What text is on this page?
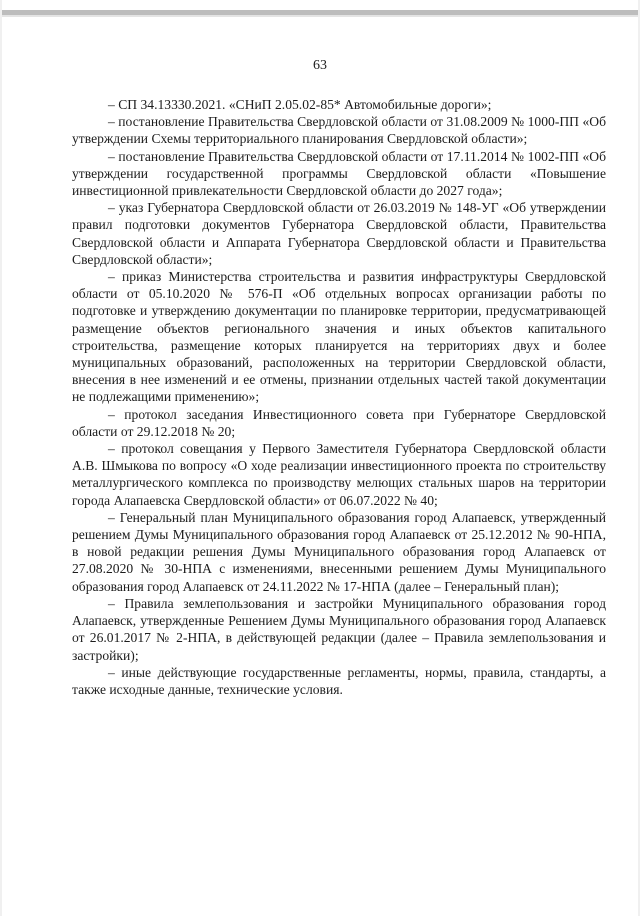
63

– СП 34.13330.2021. «СНиП 2.05.02-85* Автомобильные дороги»;

– постановление Правительства Свердловской области от 31.08.2009 № 1000-ПП «Об утверждении Схемы территориального планирования Свердловской области»;

– постановление Правительства Свердловской области от 17.11.2014 № 1002-ПП «Об утверждении государственной программы Свердловской области «Повышение инвестиционной привлекательности Свердловской области до 2027 года»;

– указ Губернатора Свердловской области от 26.03.2019 № 148-УГ «Об утверждении правил подготовки документов Губернатора Свердловской области, Правительства Свердловской области и Аппарата Губернатора Свердловской области и Правительства Свердловской области»;

– приказ Министерства строительства и развития инфраструктуры Свердловской области от 05.10.2020 № 576-П «Об отдельных вопросах организации работы по подготовке и утверждению документации по планировке территории, предусматривающей размещение объектов регионального значения и иных объектов капитального строительства, размещение которых планируется на территориях двух и более муниципальных образований, расположенных на территории Свердловской области, внесения в нее изменений и ее отмены, признании отдельных частей такой документации не подлежащими применению»;

– протокол заседания Инвестиционного совета при Губернаторе Свердловской области от 29.12.2018 № 20;

– протокол совещания у Первого Заместителя Губернатора Свердловской области А.В. Шмыкова по вопросу «О ходе реализации инвестиционного проекта по строительству металлургического комплекса по производству мелющих стальных шаров на территории города Алапаевска Свердловской области» от 06.07.2022 № 40;

– Генеральный план Муниципального образования город Алапаевск, утвержденный решением Думы Муниципального образования город Алапаевск от 25.12.2012 № 90-НПА, в новой редакции решения Думы Муниципального образования город Алапаевск от 27.08.2020 № 30-НПА с изменениями, внесенными решением Думы Муниципального образования город Алапаевск от 24.11.2022 № 17-НПА (далее – Генеральный план);

– Правила землепользования и застройки Муниципального образования город Алапаевск, утвержденные Решением Думы Муниципального образования город Алапаевск от 26.01.2017 № 2-НПА, в действующей редакции (далее – Правила землепользования и застройки);

– иные действующие государственные регламенты, нормы, правила, стандарты, а также исходные данные, технические условия.
